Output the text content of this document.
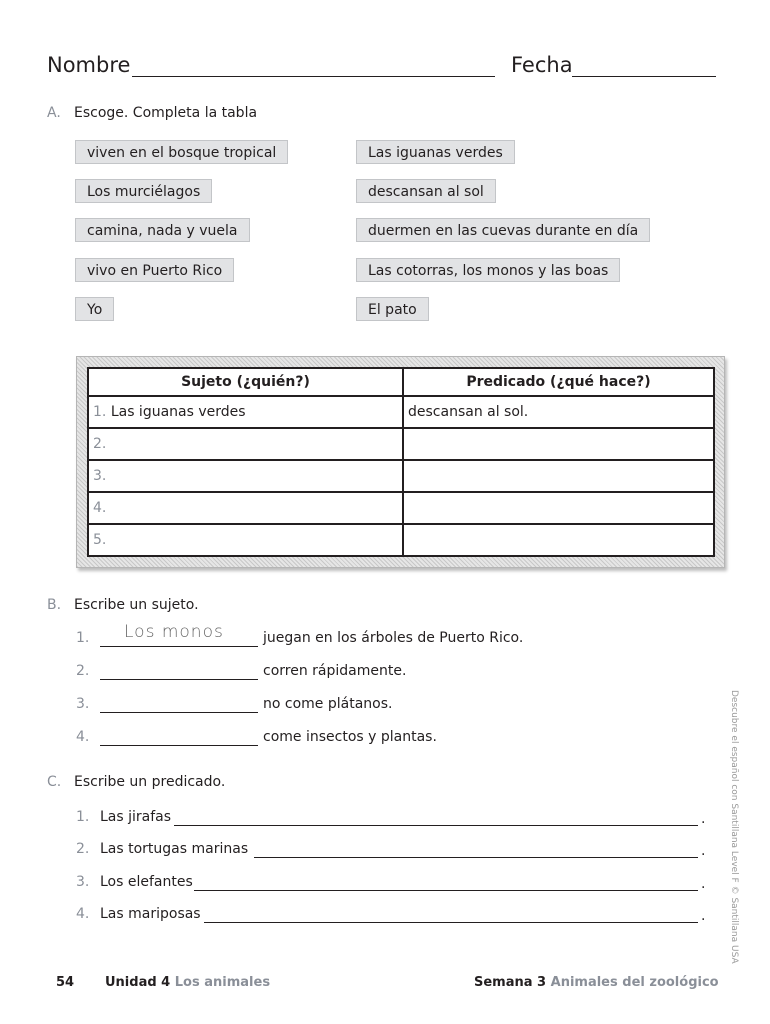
Nombre	Fecha
A. Escoge. Completa la tabla
viven en el bosque tropical
Los murciélagos
camina, nada y vuela
vivo en Puerto Rico
Yo
Las iguanas verdes
descansan al sol
duermen en las cuevas durante en día
Las cotorras, los monos y las boas
El pato
Sujeto (¿quién?)	Predicado (¿qué hace?)
1. Las iguanas verdes	descansan al sol.
2.	
3.	
4.	
5.	
B. Escribe un sujeto.
1. Los monos	juegan en los árboles de Puerto Rico.
2.	corren rápidamente.
3.	no come plátanos.
4.	come insectos y plantas.
C. Escribe un predicado.
1. Las jirafas	.
2. Las tortugas marinas	.
3. Los elefantes	.
4. Las mariposas	.	Descubre el español con Santillana Level F © Santillana USA
54 Unidad 4 Los animales	Semana 3 Animales del zoológico
